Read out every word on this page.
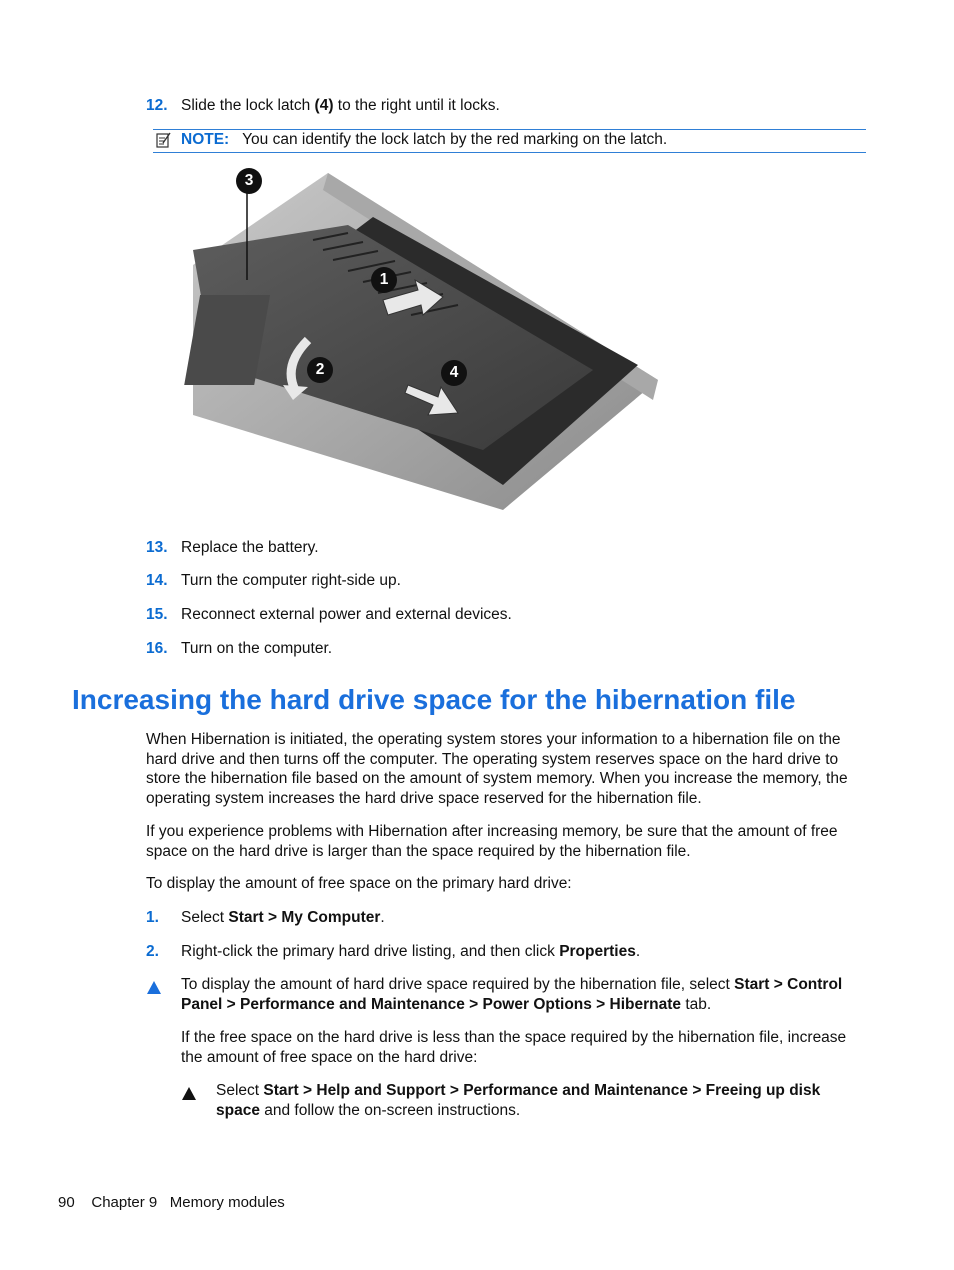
12. Slide the lock latch (4) to the right until it locks.
NOTE: You can identify the lock latch by the red marking on the latch.
3
1
2	4
13. Replace the battery.
14. Turn the computer right-side up.
15. Reconnect external power and external devices.
16. Turn on the computer.
Increasing the hard drive space for the hibernation file
When Hibernation is initiated, the operating system stores your information to a hibernation file on the hard drive and then turns off the computer. The operating system reserves space on the hard drive to store the hibernation file based on the amount of system memory. When you increase the memory, the operating system increases the hard drive space reserved for the hibernation file.
If you experience problems with Hibernation after increasing memory, be sure that the amount of free space on the hard drive is larger than the space required by the hibernation file.
To display the amount of free space on the primary hard drive:
1. Select Start > My Computer.
2. Right-click the primary hard drive listing, and then click Properties.
To display the amount of hard drive space required by the hibernation file, select Start > Control Panel > Performance and Maintenance > Power Options > Hibernate tab.
If the free space on the hard drive is less than the space required by the hibernation file, increase the amount of free space on the hard drive:
Select Start > Help and Support > Performance and Maintenance > Freeing up disk space and follow the on-screen instructions.
90 Chapter 9 Memory modules
